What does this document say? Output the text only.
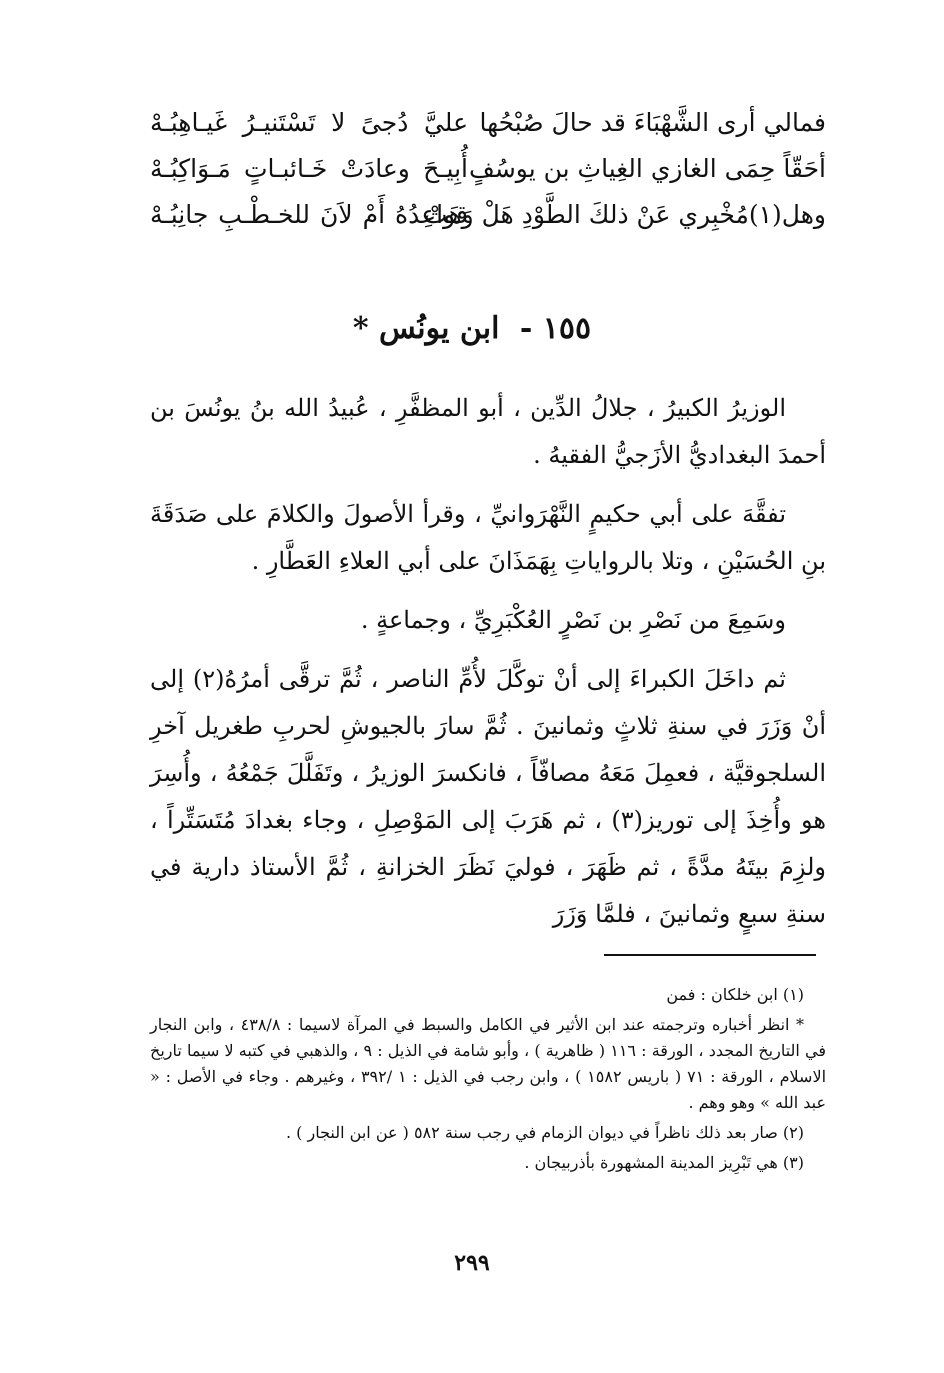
فمالي أرى الشَّهْبَاءَ قد حالَ صُبْحُها
عليَّ دُجىً لا تَسْتَنيـرُ غَيـاهِبُـهْ
أحَقّاً حِمَى الغازي الغِياثِ بن يوسُفٍ
أُبِيـحَ وعادَتْ خَـائبـاتٍ مَـوَاكِبُـهْ
وهل(١)مُخْبِري عَنْ ذلكَ الطَّوْدِ هَلْ وَهَتْ
قواعِدُهُ أَمْ لاَنَ للخـطْـبِ جانِبُـهْ
١٥٥ - ابن يونُس *

الوزيرُ الكبيرُ ، جلالُ الدِّين ، أبو المظفَّرِ ، عُبيدُ الله بنُ يونُسَ بن أحمدَ البغداديُّ الأزَجيُّ الفقيهُ .

تفقَّهَ على أبي حكيمٍ النَّهْرَوانيِّ ، وقرأ الأصولَ والكلامَ على صَدَقَةَ بنِ الحُسَيْنِ ، وتلا بالرواياتِ بِهَمَذَانَ على أبي العلاءِ العَطَّارِ .

وسَمِعَ من نَصْرِ بن نَصْرٍ العُكْبَرِيِّ ، وجماعةٍ .

ثم داخَلَ الكبراءَ إلى أنْ توكَّلَ لأُمِّ الناصر ، ثُمَّ ترقَّى أمرُهُ(٢) إلى أنْ وَزَرَ في سنةِ ثلاثٍ وثمانينَ . ثُمَّ سارَ بالجيوشِ لحربِ طغريل آخرِ السلجوقيَّة ، فعمِلَ مَعَهُ مصافّاً ، فانكسرَ الوزيرُ ، وتَفَلَّلَ جَمْعُهُ ، وأُسِرَ هو وأُخِذَ إلى توريز(٣) ، ثم هَرَبَ إلى المَوْصِلِ ، وجاء بغدادَ مُتَسَتِّراً ، ولزِمَ بيتَهُ مدَّةً ، ثم ظَهَرَ ، فوليَ نَظَرَ الخزانةِ ، ثُمَّ الأستاذ دارية في سنةِ سبعٍ وثمانينَ ، فلمَّا وَزَرَ

(١) ابن خلكان : فمن

* انظر أخباره وترجمته عند ابن الأثير في الكامل والسبط في المرآة لاسيما : ٤٣٨/٨ ، وابن النجار في التاريخ المجدد ، الورقة : ١١٦ ( ظاهرية ) ، وأبو شامة في الذيل : ٩ ، والذهبي في كتبه لا سيما تاريخ الاسلام ، الورقة : ٧١ ( باريس ١٥٨٢ ) ، وابن رجب في الذيل : ١ /٣٩٢ ، وغيرهم . وجاء في الأصل : « عبد الله » وهو وهم .

(٢) صار بعد ذلك ناظراً في ديوان الزمام في رجب سنة ٥٨٢ ( عن ابن النجار ) .

(٣) هي تَبْرِيز المدينة المشهورة بأذربيجان .

٢٩٩
